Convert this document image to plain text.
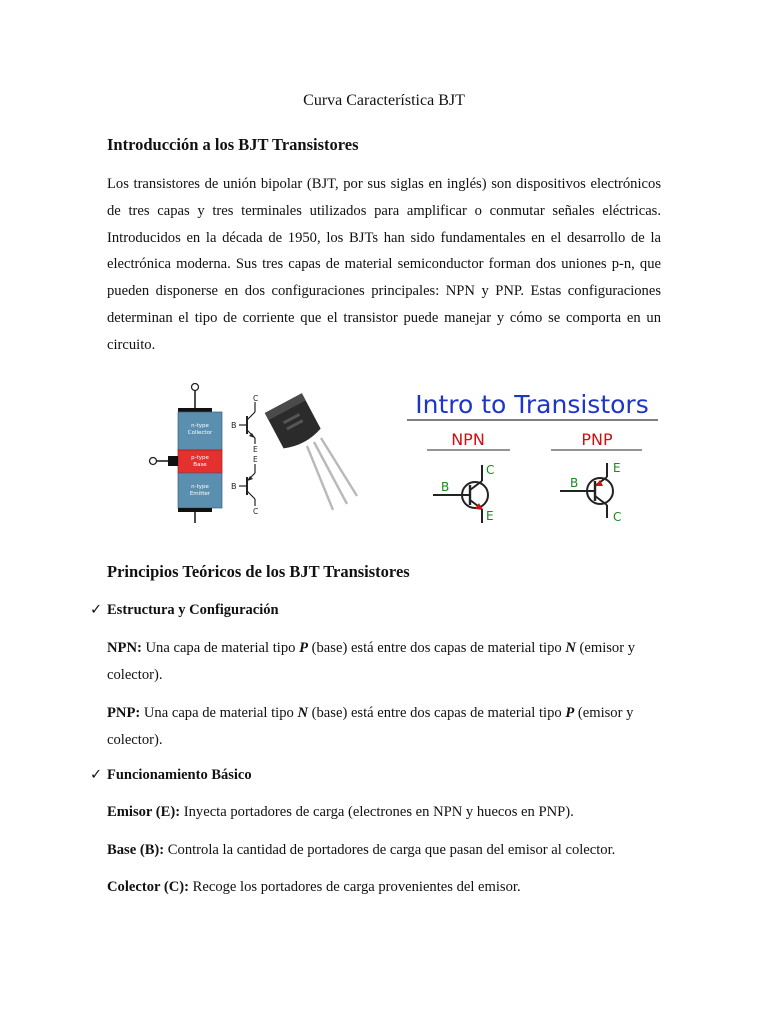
Curva Característica BJT
Introducción a los BJT Transistores
Los transistores de unión bipolar (BJT, por sus siglas en inglés) son dispositivos electrónicos de tres capas y tres terminales utilizados para amplificar o conmutar señales eléctricas. Introducidos en la década de 1950, los BJTs han sido fundamentales en el desarrollo de la electrónica moderna. Sus tres capas de material semiconductor forman dos uniones p-n, que pueden disponerse en dos configuraciones principales: NPN y PNP. Estas configuraciones determinan el tipo de corriente que el transistor puede manejar y cómo se comporta en un circuito.
n-type
Collector
p-type
Base
n-type
Emitter
B
C
E
B
E
C
Intro to Transistors
NPN	PNP
C
B
E
E
B
C
Principios Teóricos de los BJT Transistores
✓ Estructura y Configuración
NPN: Una capa de material tipo P (base) está entre dos capas de material tipo N (emisor y colector).
PNP: Una capa de material tipo N (base) está entre dos capas de material tipo P (emisor y colector).
✓ Funcionamiento Básico
Emisor (E): Inyecta portadores de carga (electrones en NPN y huecos en PNP).
Base (B): Controla la cantidad de portadores de carga que pasan del emisor al colector.
Colector (C): Recoge los portadores de carga provenientes del emisor.
